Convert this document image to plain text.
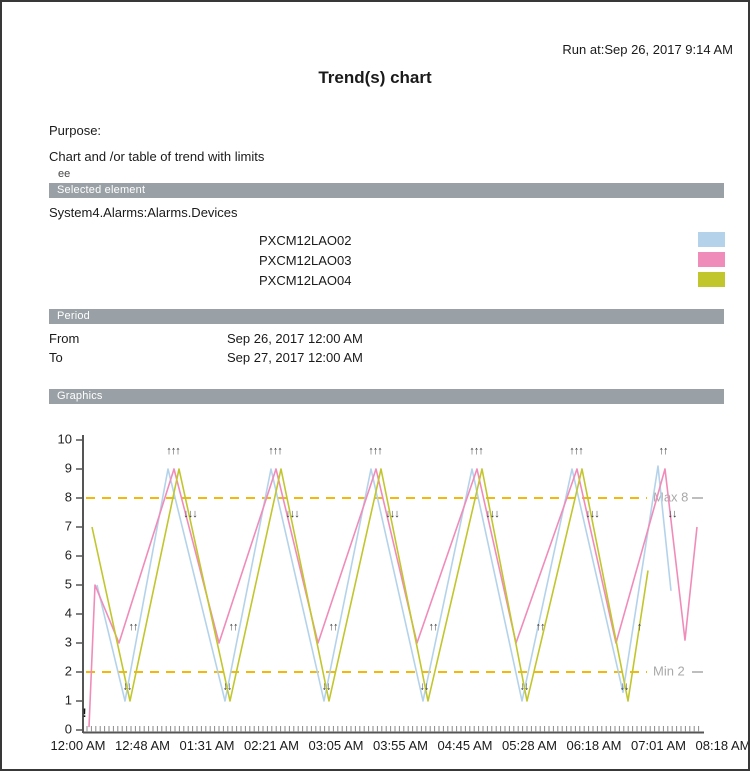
Run at:Sep 26, 2017 9:14 AM
Trend(s) chart
Purpose:
Chart and /or table of trend with limits
ee
Selected element
System4.Alarms:Alarms.Devices
Period
From	Sep 26, 2017 12:00 AM
To	Sep 27, 2017 12:00 AM
Graphics
0
1
2
3
4
5
6
7
8
9
10
12:00 AM 12:48 AM 01:31 AM 02:21 AM 03:05 AM 03:55 AM 04:45 AM 05:28 AM 06:18 AM 07:01 AM 08:18 AM
Max 8
Min 2
!
↑↑↑	↑↑↑	↑↑↑	↑↑↑	↑↑↑	↑↑
↓↓↓	↓↓↓	↓↓↓	↓↓↓	↓↓↓	↓↓
↓↓	↓↓	↓↓	↓↓	↓↓	↓↓
↑↑	↑↑	↑↑	↑↑	↑↑	↑
PXCM12LAO02
PXCM12LAO03
PXCM12LAO04
